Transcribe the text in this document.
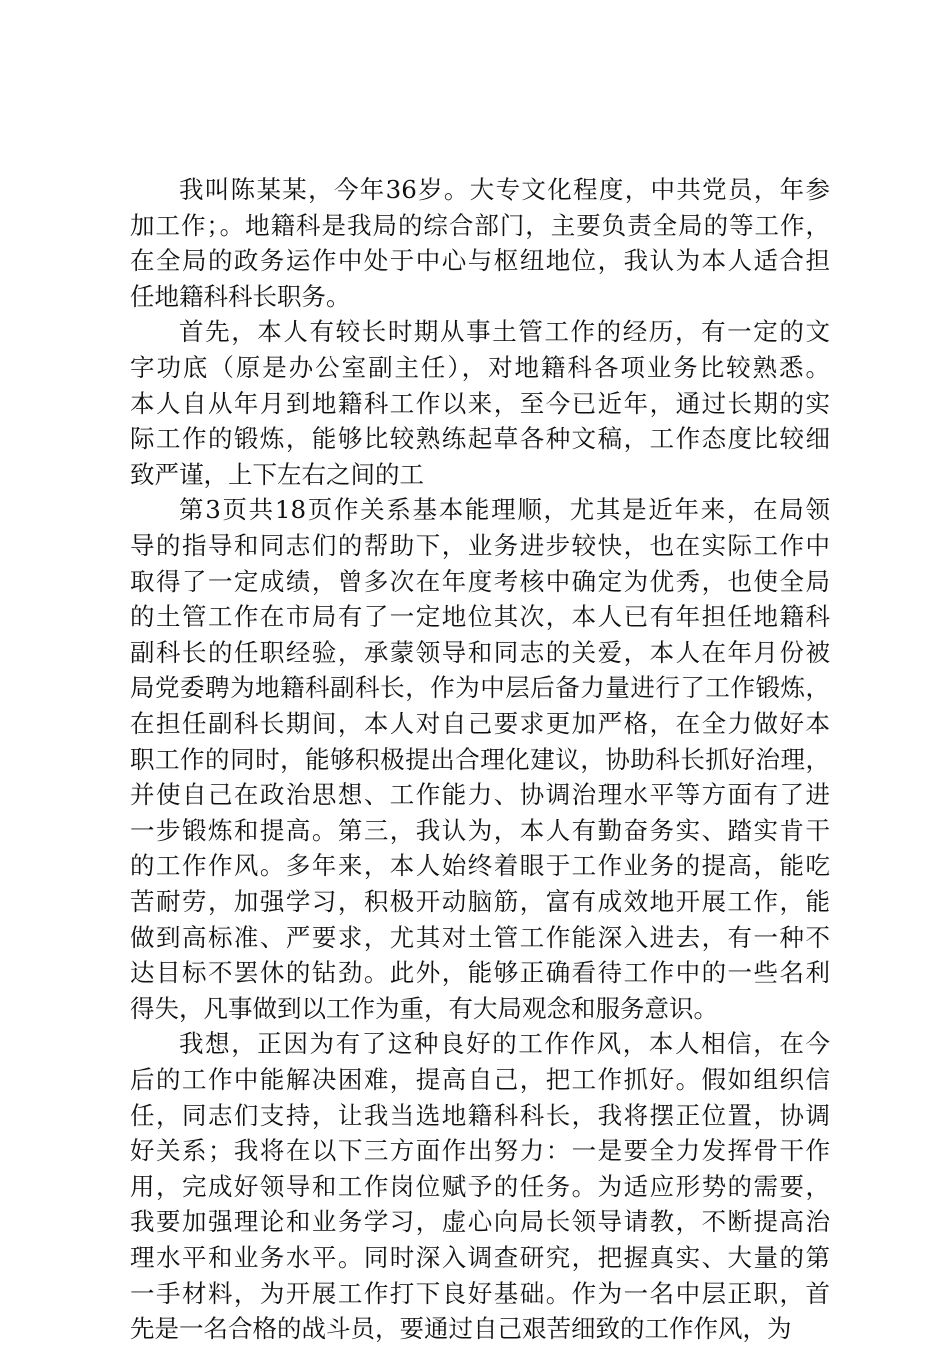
我叫陈某某，今年36岁。大专文化程度，中共党员，年参

加工作；。地籍科是我局的综合部门，主要负责全局的等工作，

在全局的政务运作中处于中心与枢纽地位，我认为本人适合担

任地籍科科长职务。

首先，本人有较长时期从事土管工作的经历，有一定的文

字功底（原是办公室副主任），对地籍科各项业务比较熟悉。

本人自从年月到地籍科工作以来，至今已近年，通过长期的实

际工作的锻炼，能够比较熟练起草各种文稿，工作态度比较细

致严谨，上下左右之间的工

第3页共18页作关系基本能理顺，尤其是近年来，在局领

导的指导和同志们的帮助下，业务进步较快，也在实际工作中

取得了一定成绩，曾多次在年度考核中确定为优秀，也使全局

的土管工作在市局有了一定地位其次，本人已有年担任地籍科

副科长的任职经验，承蒙领导和同志的关爱，本人在年月份被

局党委聘为地籍科副科长，作为中层后备力量进行了工作锻炼，

在担任副科长期间，本人对自己要求更加严格，在全力做好本

职工作的同时，能够积极提出合理化建议，协助科长抓好治理，

并使自己在政治思想、工作能力、协调治理水平等方面有了进

一步锻炼和提高。第三，我认为，本人有勤奋务实、踏实肯干

的工作作风。多年来，本人始终着眼于工作业务的提高，能吃

苦耐劳，加强学习，积极开动脑筋，富有成效地开展工作，能

做到高标准、严要求，尤其对土管工作能深入进去，有一种不

达目标不罢休的钻劲。此外，能够正确看待工作中的一些名利

得失，凡事做到以工作为重，有大局观念和服务意识。

我想，正因为有了这种良好的工作作风，本人相信，在今

后的工作中能解决困难，提高自己，把工作抓好。假如组织信

任，同志们支持，让我当选地籍科科长，我将摆正位置，协调

好关系；我将在以下三方面作出努力：一是要全力发挥骨干作

用，完成好领导和工作岗位赋予的任务。为适应形势的需要，

我要加强理论和业务学习，虚心向局长领导请教，不断提高治

理水平和业务水平。同时深入调查研究，把握真实、大量的第

一手材料，为开展工作打下良好基础。作为一名中层正职，首

先是一名合格的战斗员，要通过自己艰苦细致的工作作风，为
